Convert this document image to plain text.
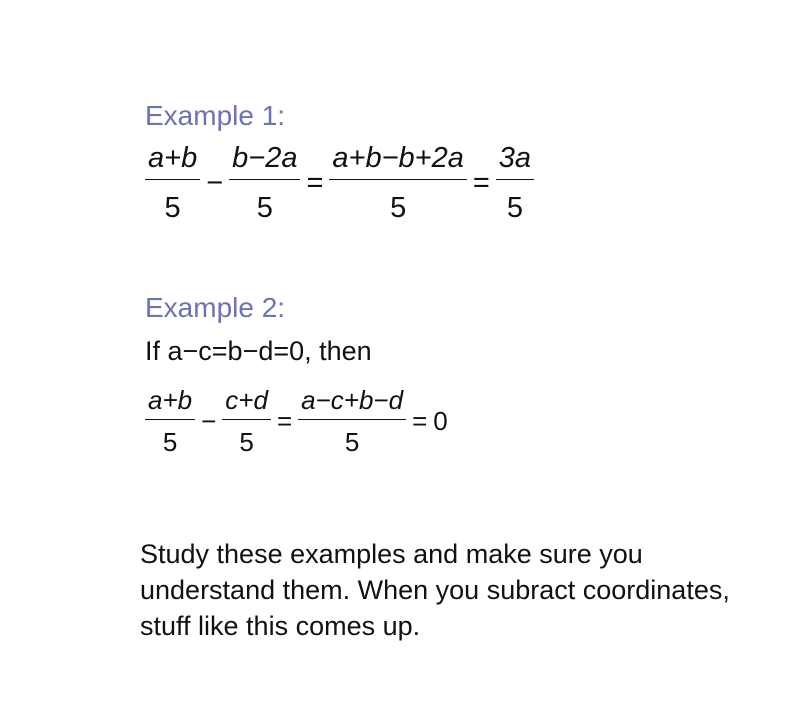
Example 1:
$\frac{a+b}{5} - \frac{b-2a}{5} = \frac{a+b-b+2a}{5} = \frac{3a}{5}$
Example 2:

If a−c=b−d=0, then

$\frac{a+b}{5} - \frac{c+d}{5} = \frac{a-c+b-d}{5} = 0$

Study these examples and make sure you understand them. When you subract coordinates, stuff like this comes up.
